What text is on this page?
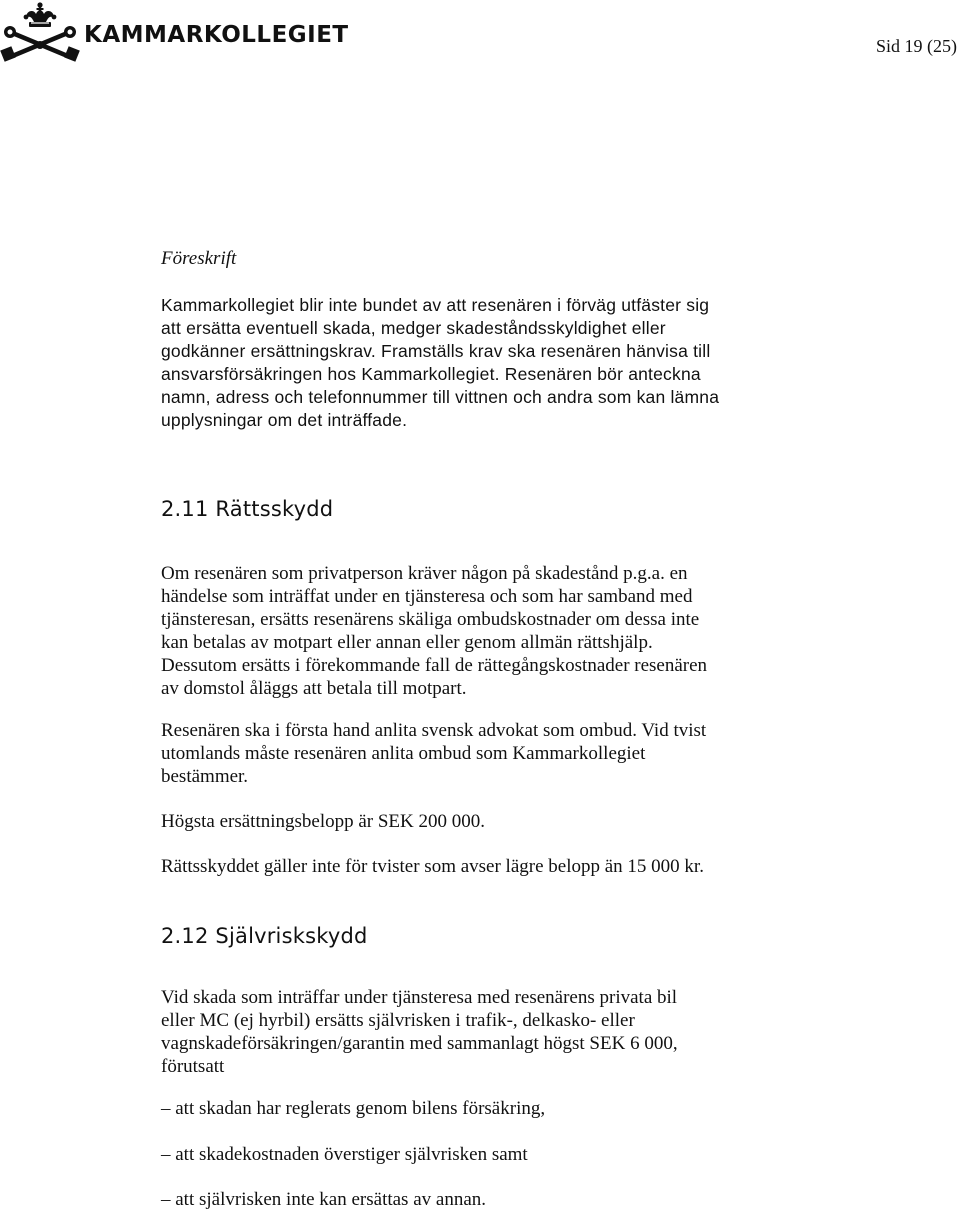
KAMMARKOLLEGIET	Sid 19 (25)
Föreskrift
Kammarkollegiet blir inte bundet av att resenären i förväg utfäster sig
att ersätta eventuell skada, medger skadeståndsskyldighet eller
godkänner ersättningskrav. Framställs krav ska resenären hänvisa till
ansvarsförsäkringen hos Kammarkollegiet. Resenären bör anteckna
namn, adress och telefonnummer till vittnen och andra som kan lämna
upplysningar om det inträffade.
2.11 Rättsskydd
Om resenären som privatperson kräver någon på skadestånd p.g.a. en
händelse som inträffat under en tjänsteresa och som har samband med
tjänsteresan, ersätts resenärens skäliga ombudskostnader om dessa inte
kan betalas av motpart eller annan eller genom allmän rättshjälp.
Dessutom ersätts i förekommande fall de rättegångskostnader resenären
av domstol åläggs att betala till motpart.
Resenären ska i första hand anlita svensk advokat som ombud. Vid tvist
utomlands måste resenären anlita ombud som Kammarkollegiet
bestämmer.
Högsta ersättningsbelopp är SEK 200 000.
Rättsskyddet gäller inte för tvister som avser lägre belopp än 15 000 kr.
2.12 Självriskskydd
Vid skada som inträffar under tjänsteresa med resenärens privata bil
eller MC (ej hyrbil) ersätts självrisken i trafik-, delkasko- eller
vagnskadeförsäkringen/garantin med sammanlagt högst SEK 6 000,
förutsatt
– att skadan har reglerats genom bilens försäkring,
– att skadekostnaden överstiger självrisken samt
– att självrisken inte kan ersättas av annan.
